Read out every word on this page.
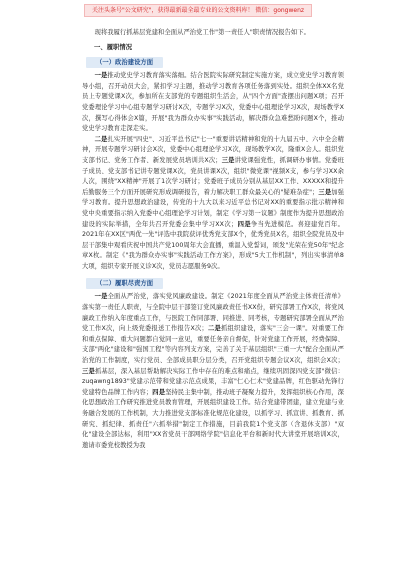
关注头条号"公文研究"，获得最新最全最专业的公文资料库！ 微信：gongwenz

现将我履行抓基层党建和全面从严治党工作"第一责任人"职责情况报告如下。

一、履职情况
（一）政治建设方面

一是推动党史学习教育落实落细。结合医院实际研究制定实施方案，成立党史学习教育领导小组，召开动员大会，紧扣学习主题，推动学习教育各项任务落到实处。组织全体XX名党员上专题党课X次，参加所在支部党的专题组织生活会，从"四个方面"查摆出问题X项；召开党委理论学习中心组专题学习研讨X次，专题学习X次，党委中心组理论学习X次，现场教学X次，撰写心得体会X篇，开展"我为群众办实事"实践活动，解决群众急难愁盼问题X个，推动党史学习教育走深走实。

二是扎实开展"四史"、习近平总书记"七一"重要讲话精神和党的十九届五中、六中全会精神，开展专题学习研讨会X次，党委中心组理论学习X次，现场教学X次，隆重X会人。组织党支部书记、党务工作者、新发展党员培训共X次；三是讲党课强党性，抓调研办事情。党委班子成员、党支部书记讲专题党课X次，党员讲课X次，组织"微党课"视频X支，参与学习XX余人次，围绕"XX精神"开展了1次学习研讨；党委班子成员分别从基层XX工作、XXXXX和提升后勤服务三个方面开展研究形成调研报告，着力解决职工群众最关心的"疑难杂症"；三是加强学习教育。提升思想政治建设，传党的十九大以来习近平总书记对XX的重要指示批示精神和党中央重要指示纳入党委中心组理论学习计划，制定《学习第一议题》制度作为提升思想政治建设的实际举措，全年共召开党委会集中学习XX次；四是争当先进模范。喜迎建党百年。2021年在XX区"两优一先"评选中我院获评优秀党支部X个，优秀党员X名，组织全院党员及中层干部集中观看庆祝中国共产党100周年大会直播，重温入党誓词，颂发"光荣在党50年"纪念章X枚。制定《"我为群众办实事"实践活动工作方案》，形成"5大工作机制"，列出实事清单8大项，组织专家开展义诊X次，党员志愿服务9次。

（二）履职尽责方面

一是全面从严治党，落实党风廉政建设。制定《2021年度全面从严治党主体责任清单》落实第一责任人职责，与全院中层干部签订党风廉政责任书XX份，研究部署工作X次，将党风廉政工作纳入年度重点工作，与医院工作同部署、同推进、同考核，专题研究部署全面从严治党工作X次，向上级党委报送工作报告X次；二是抓组织建设，落实"三会一课"。对重要工作和重点保障、重大问题都自觉同一意见，重要任务亲自督促，针对党建工作开展，经费保障、支部"两化"建设和"强国工程"等内容列支方案，完善了关于基层组织"三重一大"配合全面从严治党的工作制度，实行党员、全部成员职分层分类，召开党组织专题会议X次，组织会X次；三是抓基层，深入基层帮助解决实际工作中存在的难点和痛点，继续巩固深四党支部"微信：zuqawng1893"党建示范带和党建示范点成果，丰富"仁心仁术"党建品牌，红色驱动先锋行党建特色品牌工作内容；四是坚持民主集中制，推动班子凝聚力提升，发挥组织核心作用，深化思想政治工作研究推进党员教育管理，开展组织建设工作。结合党建带团建，建立党建与业务融合发展的工作机制，大力推进党支部标准化规范化建设，以抓学习、抓宣讲、抓教育、抓研究、抓纪律、抓责任"六抓举措"制定工作措施，目前我院1个党支部（含退休支部）"双化"建设全部达标，利用"XX省党员干部网络学院"信息化平台和新时代大讲堂开展培训X次，邀请市委党校教授为我
